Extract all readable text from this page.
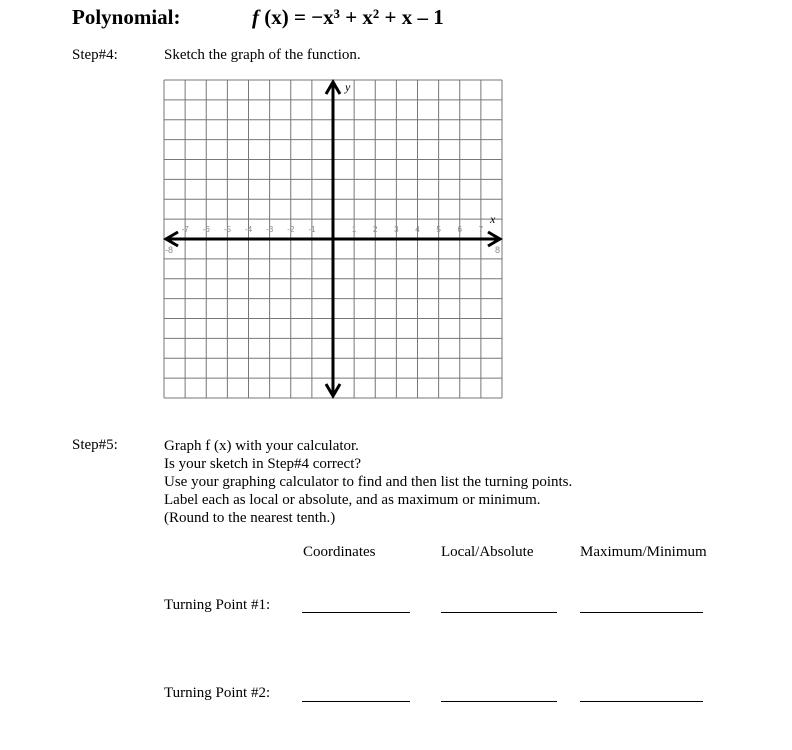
Polynomial:	f (x) = −x³ + x² + x – 1
Step#4:	Sketch the graph of the function.
-7 -6 -5 -4 -3 -2 -1	1 2 3 4 5 6 7
-8	8
x
y
Step#5:	Graph f (x) with your calculator.
Is your sketch in Step#4 correct?
Use your graphing calculator to find and then list the turning points.
Label each as local or absolute, and as maximum or minimum.
(Round to the nearest tenth.)
Coordinates	Local/Absolute	Maximum/Minimum
Turning Point #1:
Turning Point #2:
